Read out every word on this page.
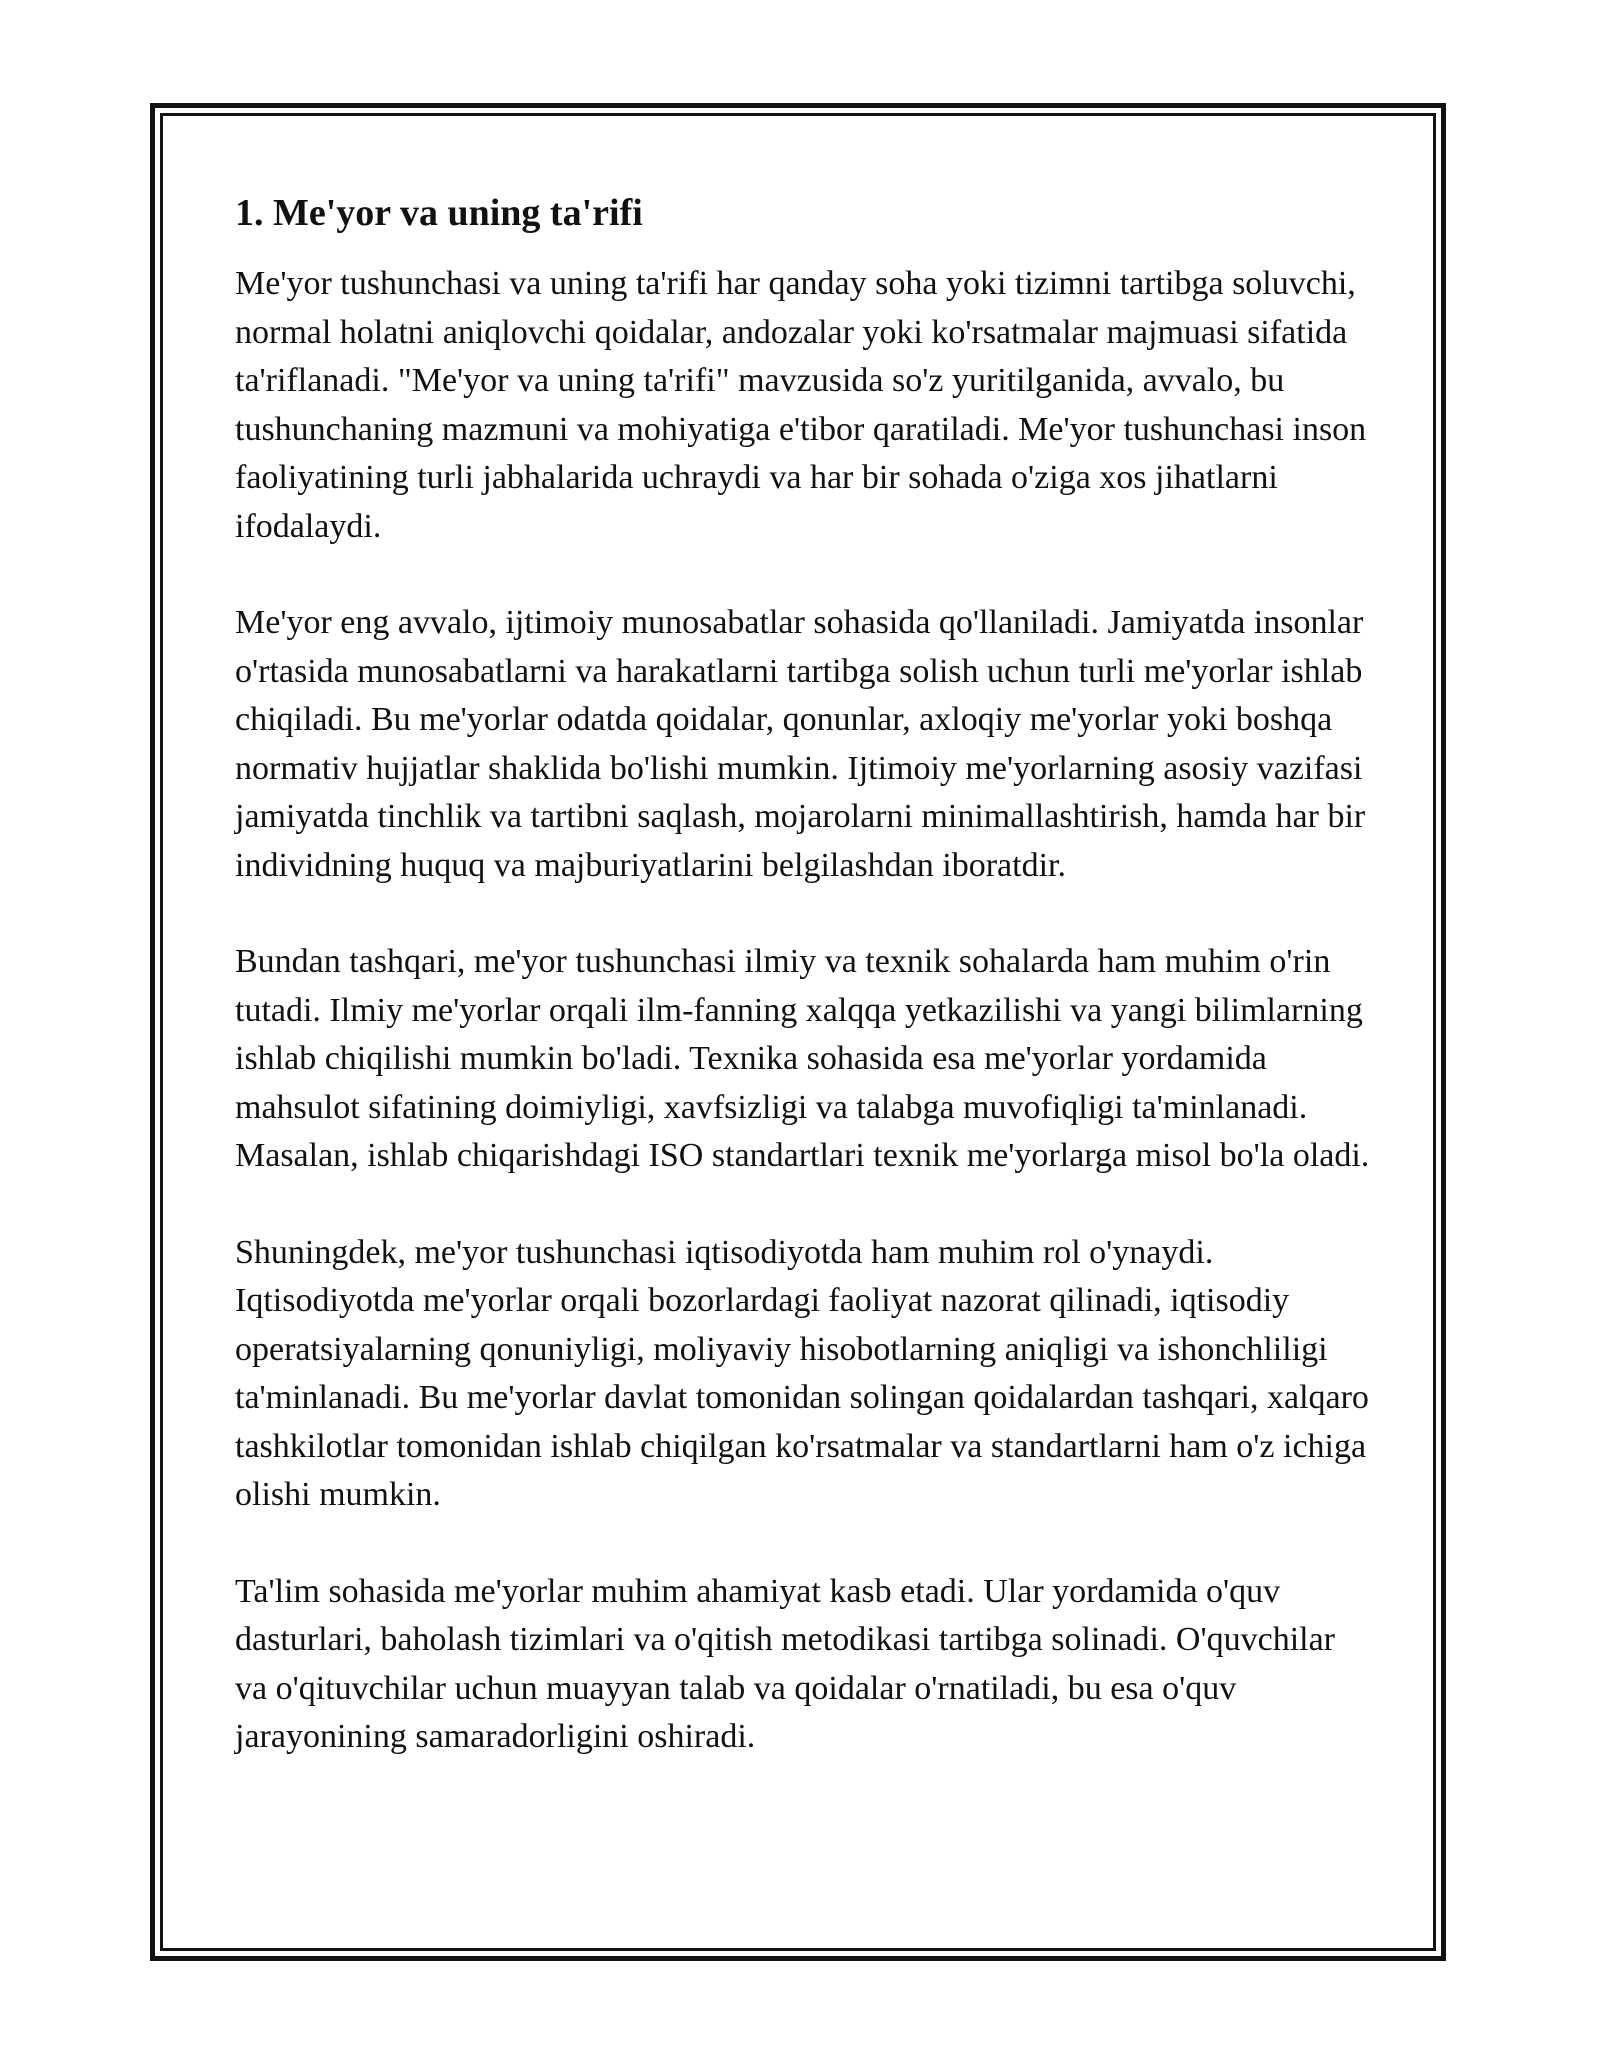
1. Me'yor va uning ta'rifi

Me'yor tushunchasi va uning ta'rifi har qanday soha yoki tizimni tartibga soluvchi, normal holatni aniqlovchi qoidalar, andozalar yoki ko'rsatmalar majmuasi sifatida ta'riflanadi. "Me'yor va uning ta'rifi" mavzusida so'z yuritilganida, avvalo, bu tushunchaning mazmuni va mohiyatiga e'tibor qaratiladi. Me'yor tushunchasi inson faoliyatining turli jabhalarida uchraydi va har bir sohada o'ziga xos jihatlarni ifodalaydi.

Me'yor eng avvalo, ijtimoiy munosabatlar sohasida qo'llaniladi. Jamiyatda insonlar o'rtasida munosabatlarni va harakatlarni tartibga solish uchun turli me'yorlar ishlab chiqiladi. Bu me'yorlar odatda qoidalar, qonunlar, axloqiy me'yorlar yoki boshqa normativ hujjatlar shaklida bo'lishi mumkin. Ijtimoiy me'yorlarning asosiy vazifasi jamiyatda tinchlik va tartibni saqlash, mojarolarni minimallashtirish, hamda har bir individning huquq va majburiyatlarini belgilashdan iboratdir.

Bundan tashqari, me'yor tushunchasi ilmiy va texnik sohalarda ham muhim o'rin tutadi. Ilmiy me'yorlar orqali ilm-fanning xalqqa yetkazilishi va yangi bilimlarning ishlab chiqilishi mumkin bo'ladi. Texnika sohasida esa me'yorlar yordamida mahsulot sifatining doimiyligi, xavfsizligi va talabga muvofiqligi ta'minlanadi. Masalan, ishlab chiqarishdagi ISO standartlari texnik me'yorlarga misol bo'la oladi.

Shuningdek, me'yor tushunchasi iqtisodiyotda ham muhim rol o'ynaydi. Iqtisodiyotda me'yorlar orqali bozorlardagi faoliyat nazorat qilinadi, iqtisodiy operatsiyalarning qonuniyligi, moliyaviy hisobotlarning aniqligi va ishonchliligi ta'minlanadi. Bu me'yorlar davlat tomonidan solingan qoidalardan tashqari, xalqaro tashkilotlar tomonidan ishlab chiqilgan ko'rsatmalar va standartlarni ham o'z ichiga olishi mumkin.

Ta'lim sohasida me'yorlar muhim ahamiyat kasb etadi. Ular yordamida o'quv dasturlari, baholash tizimlari va o'qitish metodikasi tartibga solinadi. O'quvchilar va o'qituvchilar uchun muayyan talab va qoidalar o'rnatiladi, bu esa o'quv jarayonining samaradorligini oshiradi.
